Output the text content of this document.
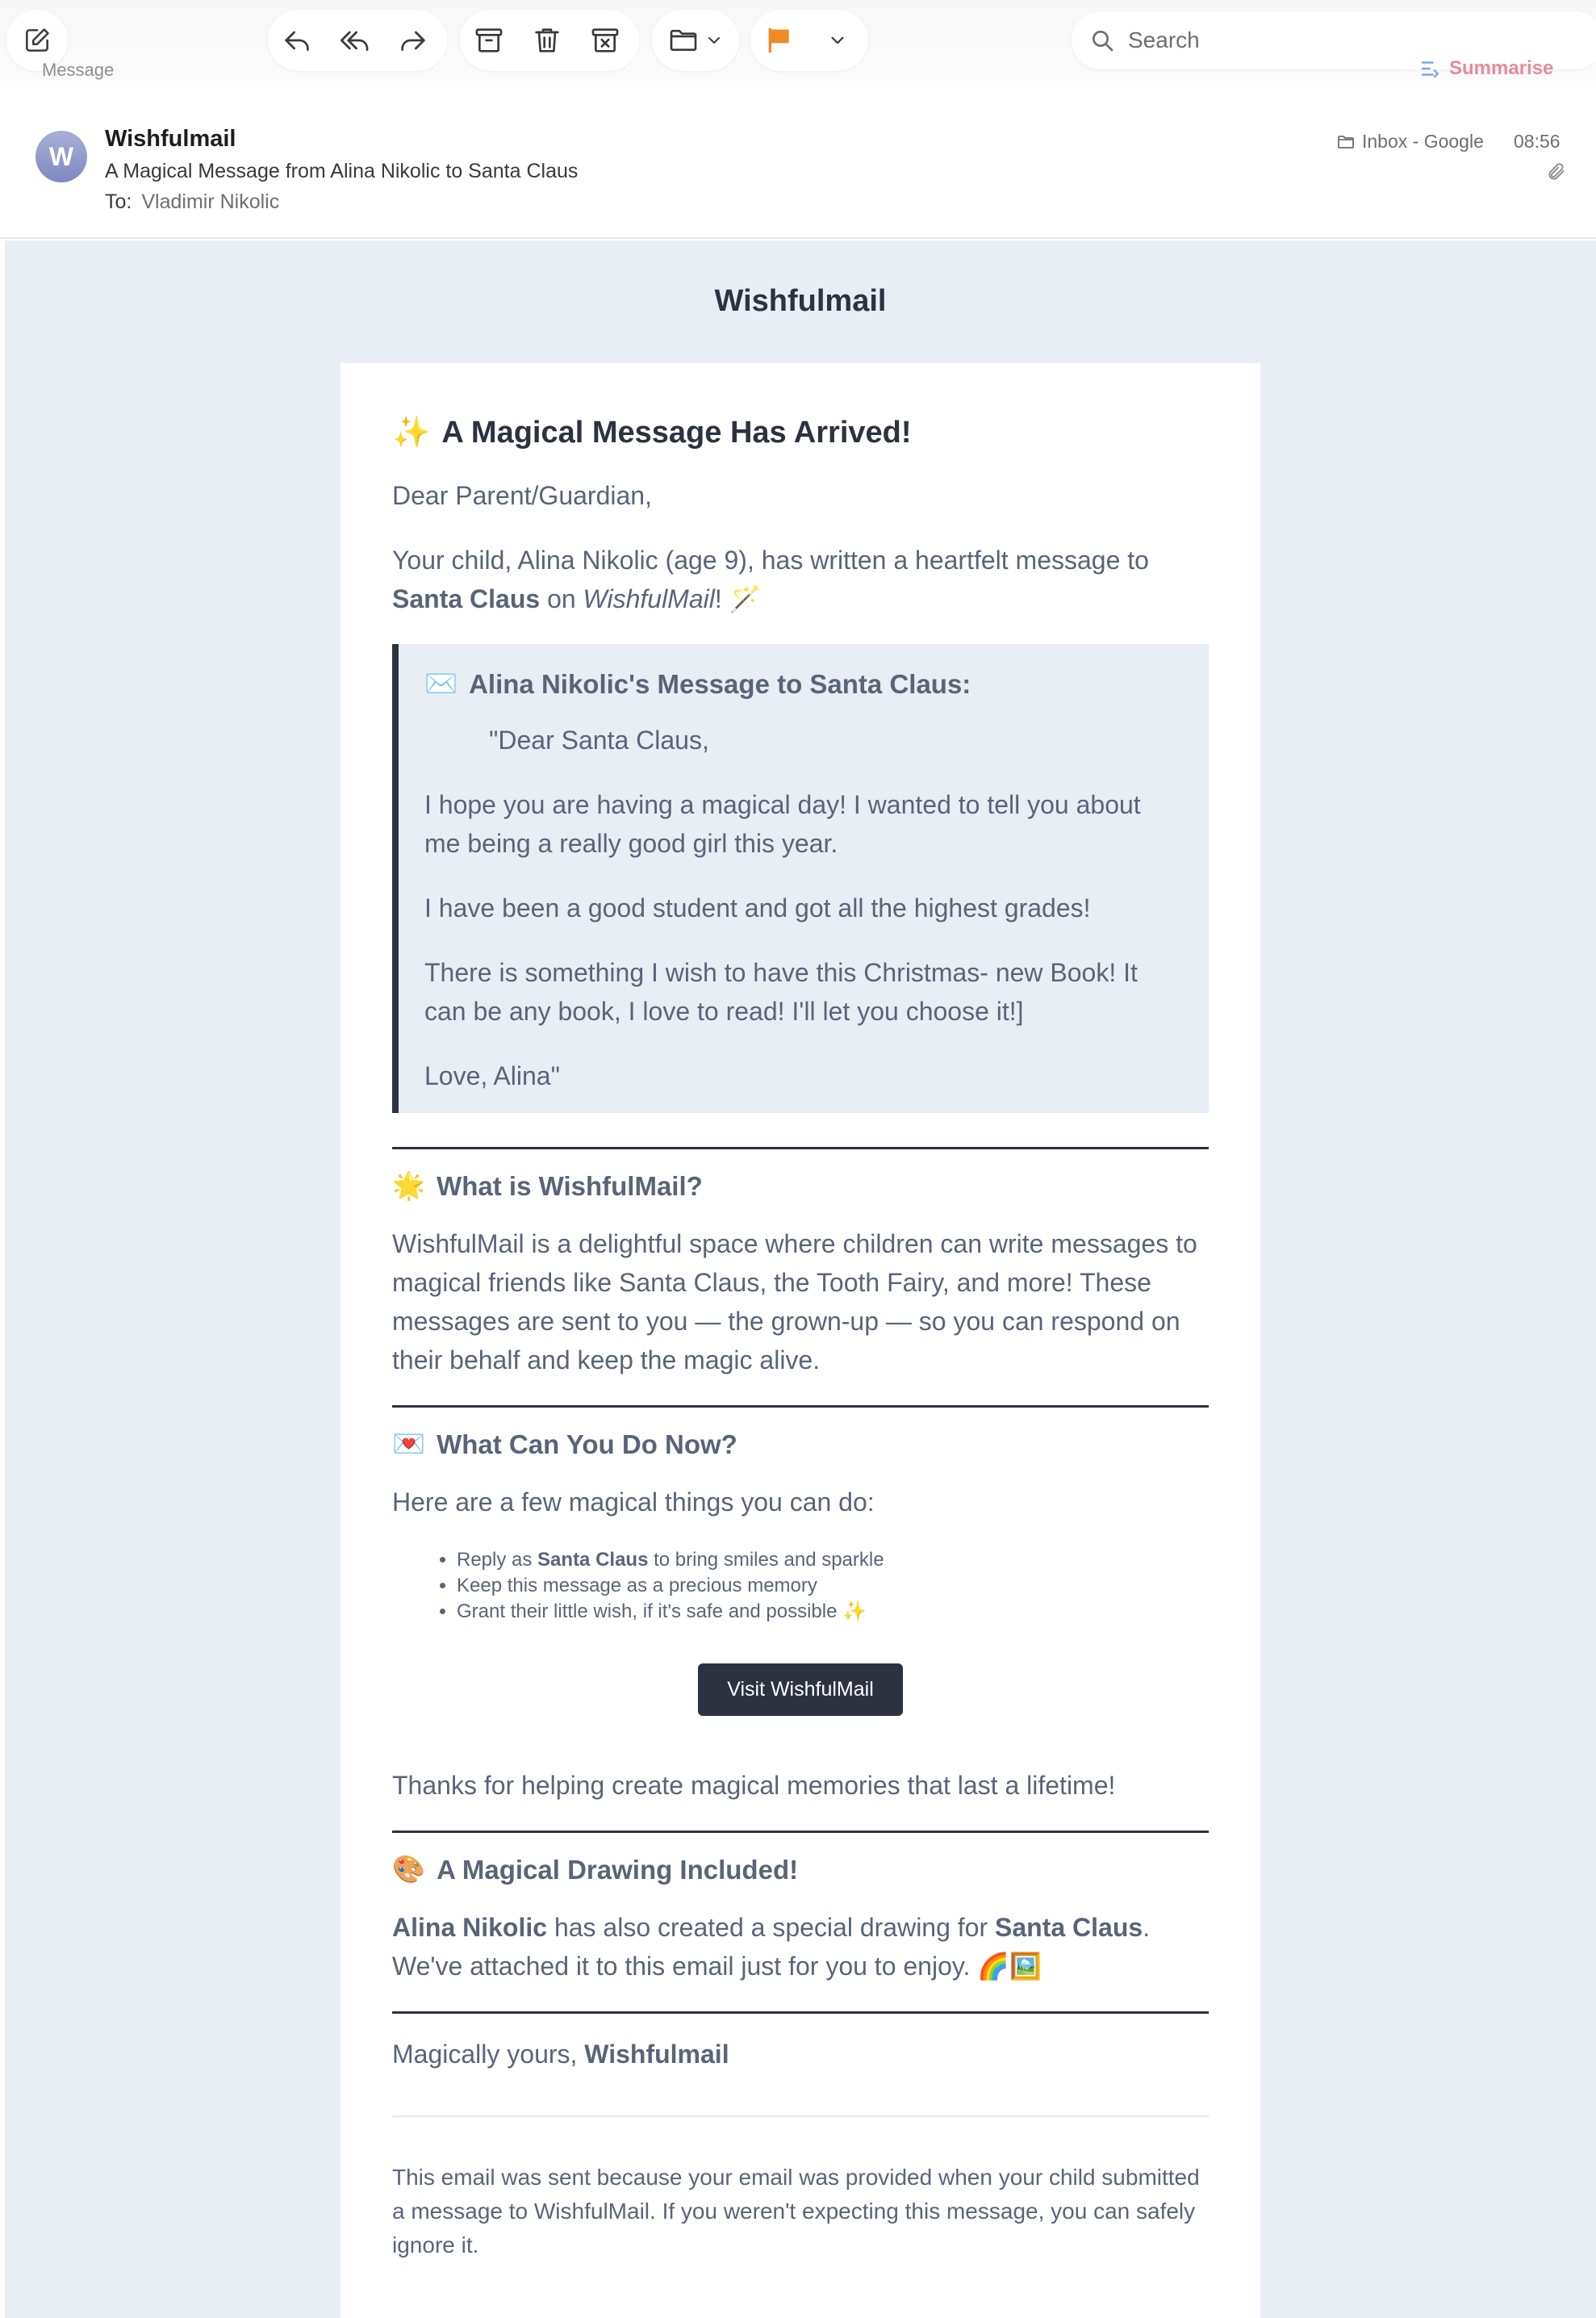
Search
Message	Summarise
W
Wishfulmail
A Magical Message from Alina Nikolic to Santa Claus
To: Vladimir Nikolic
Inbox - Google 08:56
Wishfulmail
✨ A Magical Message Has Arrived!

Dear Parent/Guardian,

Your child, Alina Nikolic (age 9), has written a heartfelt message to Santa Claus on WishfulMail! 🪄

✉️ Alina Nikolic's Message to Santa Claus:

"Dear Santa Claus,

I hope you are having a magical day! I wanted to tell you about me being a really good girl this year.

I have been a good student and got all the highest grades!

There is something I wish to have this Christmas- new Book! It can be any book, I love to read! I'll let you choose it!]

Love, Alina"

🌟 What is WishfulMail?

WishfulMail is a delightful space where children can write messages to magical friends like Santa Claus, the Tooth Fairy, and more! These messages are sent to you — the grown-up — so you can respond on their behalf and keep the magic alive.

💌 What Can You Do Now?

Here are a few magical things you can do:

• Reply as Santa Claus to bring smiles and sparkle
• Keep this message as a precious memory
• Grant their little wish, if it's safe and possible ✨
Visit WishfulMail

Thanks for helping create magical memories that last a lifetime!

🎨 A Magical Drawing Included!

Alina Nikolic has also created a special drawing for Santa Claus. We've attached it to this email just for you to enjoy. 🌈🖼️

Magically yours, Wishfulmail

This email was sent because your email was provided when your child submitted a message to WishfulMail. If you weren't expecting this message, you can safely ignore it.
